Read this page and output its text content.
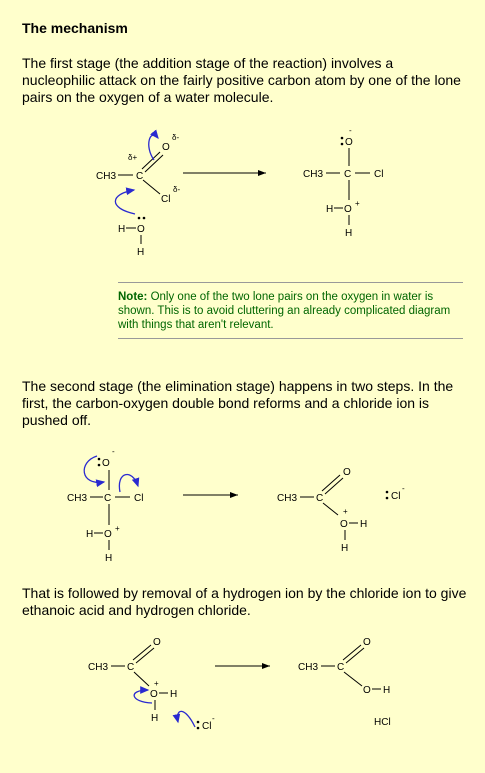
The mechanism
The first stage (the addition stage of the reaction) involves a nucleophilic attack on the fairly positive carbon atom by one of the lone pairs on the oxygen of a water molecule.
Note: Only one of the two lone pairs on the oxygen in water is shown. This is to avoid cluttering an already complicated diagram with things that aren't relevant.
The second stage (the elimination stage) happens in two steps. In the first, the carbon-oxygen double bond reforms and a chloride ion is pushed off.
That is followed by removal of a hydrogen ion by the chloride ion to give ethanoic acid and hydrogen chloride.
CH3 C
δ+
O
δ-
Cl
δ-
H O
H
O
-
CH3 C Cl
H O
+
H
O
-
CH3 C Cl
H O
+
H
CH3 C
O
O
+
H
H
Cl
-
CH3 C
O
O
+
H
H
Cl
-
CH3 C
O
O H
HCl
